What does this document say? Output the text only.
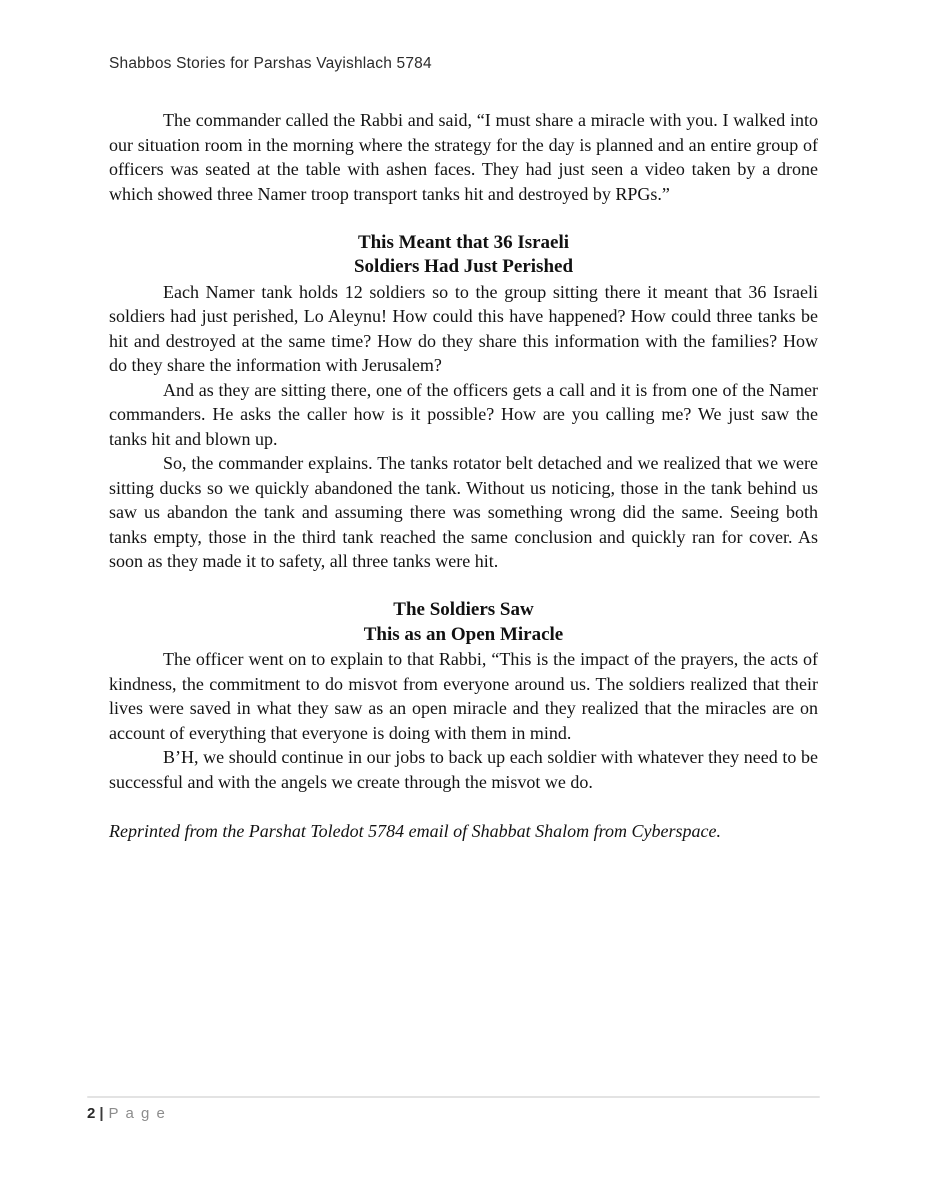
Shabbos Stories for Parshas Vayishlach 5784

The commander called the Rabbi and said, “I must share a miracle with you. I walked into our situation room in the morning where the strategy for the day is planned and an entire group of officers was seated at the table with ashen faces. They had just seen a video taken by a drone which showed three Namer troop transport tanks hit and destroyed by RPGs.”

This Meant that 36 Israeli
Soldiers Had Just Perished

Each Namer tank holds 12 soldiers so to the group sitting there it meant that 36 Israeli soldiers had just perished, Lo Aleynu! How could this have happened? How could three tanks be hit and destroyed at the same time? How do they share this information with the families? How do they share the information with Jerusalem?

And as they are sitting there, one of the officers gets a call and it is from one of the Namer commanders. He asks the caller how is it possible? How are you calling me? We just saw the tanks hit and blown up.

So, the commander explains. The tanks rotator belt detached and we realized that we were sitting ducks so we quickly abandoned the tank. Without us noticing, those in the tank behind us saw us abandon the tank and assuming there was something wrong did the same. Seeing both tanks empty, those in the third tank reached the same conclusion and quickly ran for cover. As soon as they made it to safety, all three tanks were hit.

The Soldiers Saw
This as an Open Miracle

The officer went on to explain to that Rabbi, “This is the impact of the prayers, the acts of kindness, the commitment to do misvot from everyone around us. The soldiers realized that their lives were saved in what they saw as an open miracle and they realized that the miracles are on account of everything that everyone is doing with them in mind.

B’H, we should continue in our jobs to back up each soldier with whatever they need to be successful and with the angels we create through the misvot we do.

Reprinted from the Parshat Toledot 5784 email of Shabbat Shalom from Cyberspace.

2 | P a g e
